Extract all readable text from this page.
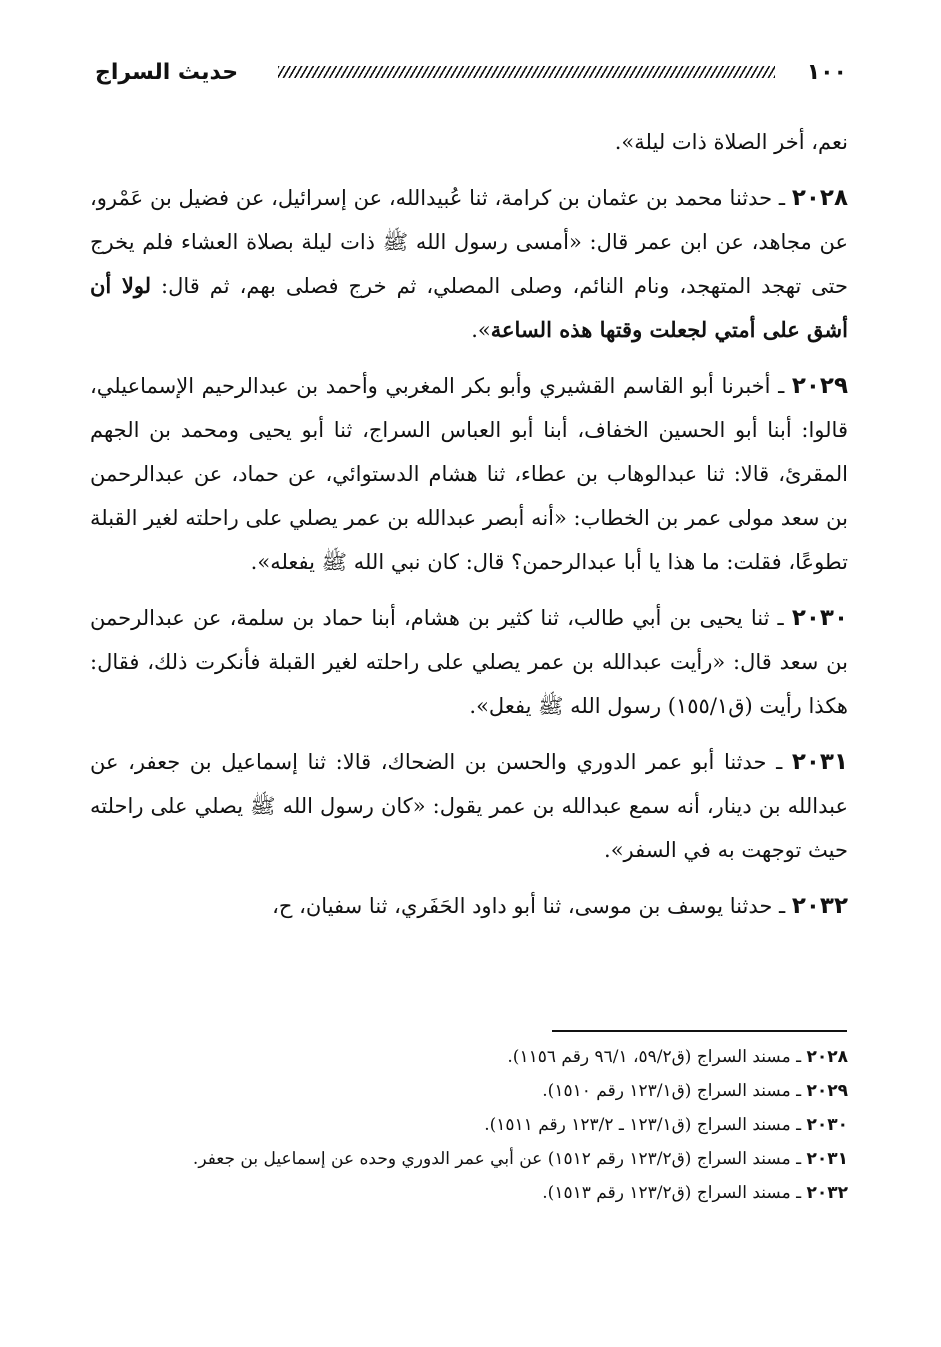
١٠٠
حديث السراج

نعم، أخر الصلاة ذات ليلة».

٢٠٢٨ ـ حدثنا محمد بن عثمان بن كرامة، ثنا عُبيدالله، عن إسرائيل، عن فضيل بن عَمْرو، عن مجاهد، عن ابن عمر قال: «أمسى رسول الله ﷺ ذات ليلة بصلاة العشاء فلم يخرج حتى تهجد المتهجد، ونام النائم، وصلى المصلي، ثم خرج فصلى بهم، ثم قال: لولا أن أشق على أمتي لجعلت وقتها هذه الساعة».

٢٠٢٩ ـ أخبرنا أبو القاسم القشيري وأبو بكر المغربي وأحمد بن عبدالرحيم الإسماعيلي، قالوا: أبنا أبو الحسين الخفاف، أبنا أبو العباس السراج، ثنا أبو يحيى ومحمد بن الجهم المقرئ، قالا: ثنا عبدالوهاب بن عطاء، ثنا هشام الدستوائي، عن حماد، عن عبدالرحمن بن سعد مولى عمر بن الخطاب: «أنه أبصر عبدالله بن عمر يصلي على راحلته لغير القبلة تطوعًا، فقلت: ما هذا يا أبا عبدالرحمن؟ قال: كان نبي الله ﷺ يفعله».

٢٠٣٠ ـ ثنا يحيى بن أبي طالب، ثنا كثير بن هشام، أبنا حماد بن سلمة، عن عبدالرحمن بن سعد قال: «رأيت عبدالله بن عمر يصلي على راحلته لغير القبلة فأنكرت ذلك، فقال: هكذا رأيت (ق١٥٥/١) رسول الله ﷺ يفعل».

٢٠٣١ ـ حدثنا أبو عمر الدوري والحسن بن الضحاك، قالا: ثنا إسماعيل بن جعفر، عن عبدالله بن دينار، أنه سمع عبدالله بن عمر يقول: «كان رسول الله ﷺ يصلي على راحلته حيث توجهت به في السفر».

٢٠٣٢ ـ حدثنا يوسف بن موسى، ثنا أبو داود الحَفَري، ثنا سفيان، ح،

٢٠٢٨ ـ مسند السراج (ق٥٩/٢، ٩٦/١ رقم ١١٥٦).

٢٠٢٩ ـ مسند السراج (ق١٢٣/١ رقم ١٥١٠).

٢٠٣٠ ـ مسند السراج (ق١٢٣/١ ـ ١٢٣/٢ رقم ١٥١١).

٢٠٣١ ـ مسند السراج (ق١٢٣/٢ رقم ١٥١٢) عن أبي عمر الدوري وحده عن إسماعيل بن جعفر.

٢٠٣٢ ـ مسند السراج (ق١٢٣/٢ رقم ١٥١٣).
